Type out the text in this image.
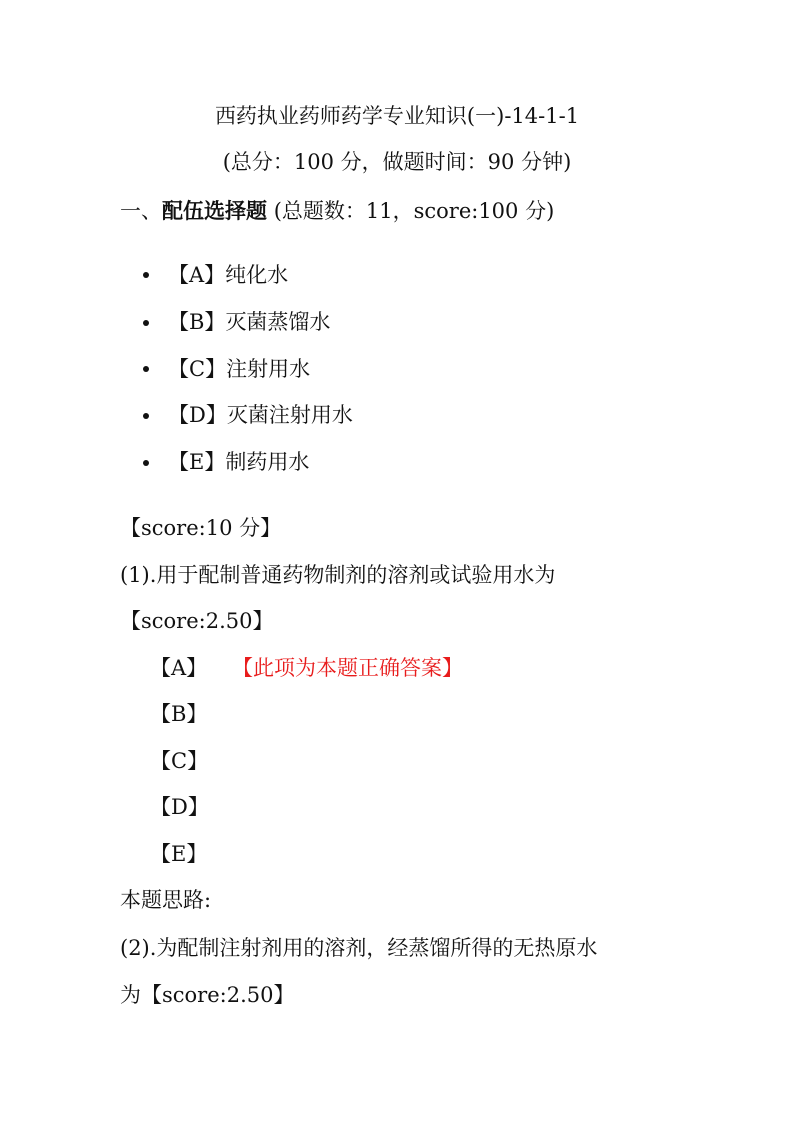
西药执业药师药学专业知识(一)-14-1-1
(总分：100 分，做题时间：90 分钟)
一、配伍选择题 (总题数：11，score:100 分)
【A】纯化水
【B】灭菌蒸馏水
【C】注射用水
【D】灭菌注射用水
【E】制药用水
【score:10 分】
(1).用于配制普通药物制剂的溶剂或试验用水为
【score:2.50】
【A】 【此项为本题正确答案】
【B】
【C】
【D】
【E】
本题思路:
(2).为配制注射剂用的溶剂，经蒸馏所得的无热原水
为【score:2.50】
